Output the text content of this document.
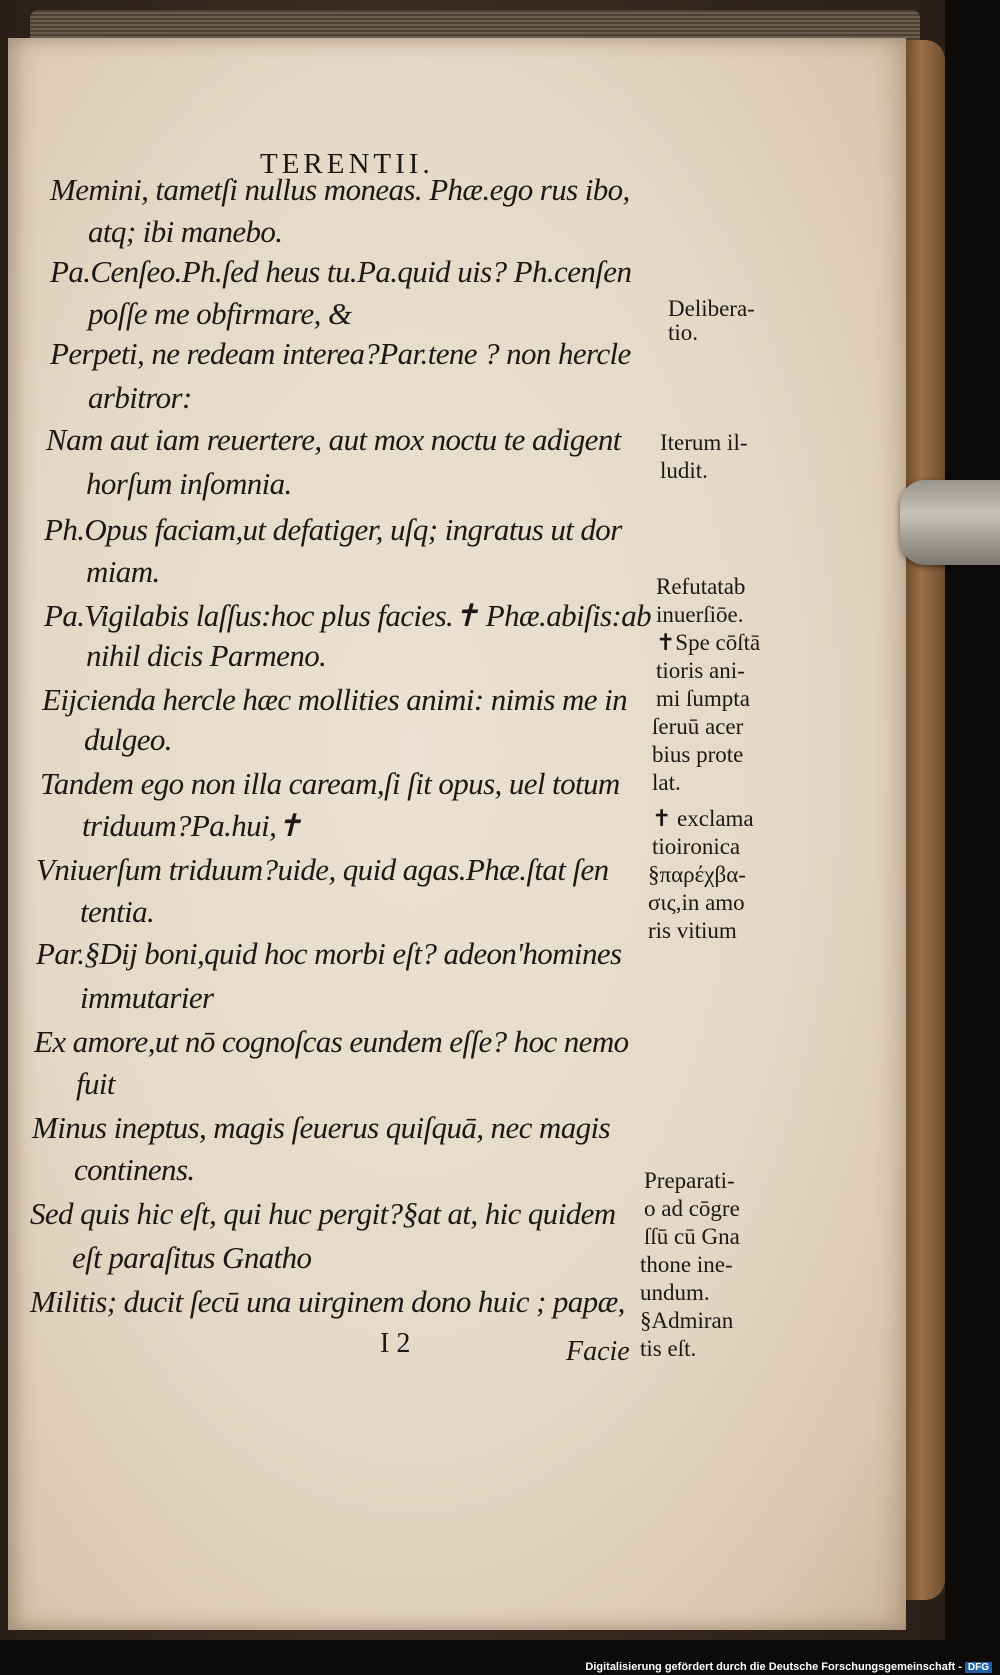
TERENTII.
Memini, tametſi nullus moneas. Phæ.ego rus ibo,
atq; ibi manebo.
Pa.Cenſeo.Ph.ſed heus tu.Pa.quid uis? Ph.cenſen
poſſe me obfirmare, &
Perpeti, ne redeam interea?Par.tene ? non hercle
arbitror:
Nam aut iam reuertere, aut mox noctu te adigent
horſum inſomnia.
Ph.Opus faciam,ut defatiger, uſq; ingratus ut dor
miam.
Pa.Vigilabis laſſus:hoc plus facies.✝ Phæ.abiſis:ab
nihil dicis Parmeno.
Eijcienda hercle hæc mollities animi: nimis me in
dulgeo.
Tandem ego non illa caream,ſi ſit opus, uel totum
triduum?Pa.hui,✝
Vniuerſum triduum?uide, quid agas.Phæ.ſtat ſen
tentia.
Par.§Dij boni,quid hoc morbi eſt? adeon'homines
immutarier
Ex amore,ut nō cognoſcas eundem eſſe? hoc nemo
fuit
Minus ineptus, magis ſeuerus quiſquā, nec magis
continens.
Sed quis hic eſt, qui huc pergit?§at at, hic quidem
eſt paraſitus Gnatho
Militis; ducit ſecū una uirginem dono huic ; papæ,
Delibera-
tio.
Iterum il-
ludit.
Refutatab
inuerſiōe.
✝Spe cōſtā
tioris ani-
mi ſumpta
ſeruū acer
bius prote
lat.
✝ exclama
tioironica
§παρέχβα-
σις,in amo
ris vitium
Preparati-
o ad cōgre
ſſū cū Gna
thone ine-
undum.
§Admiran
tis eſt.
I 2	Facie
Digitalisierung gefördert durch die Deutsche Forschungsgemeinschaft - DFG
